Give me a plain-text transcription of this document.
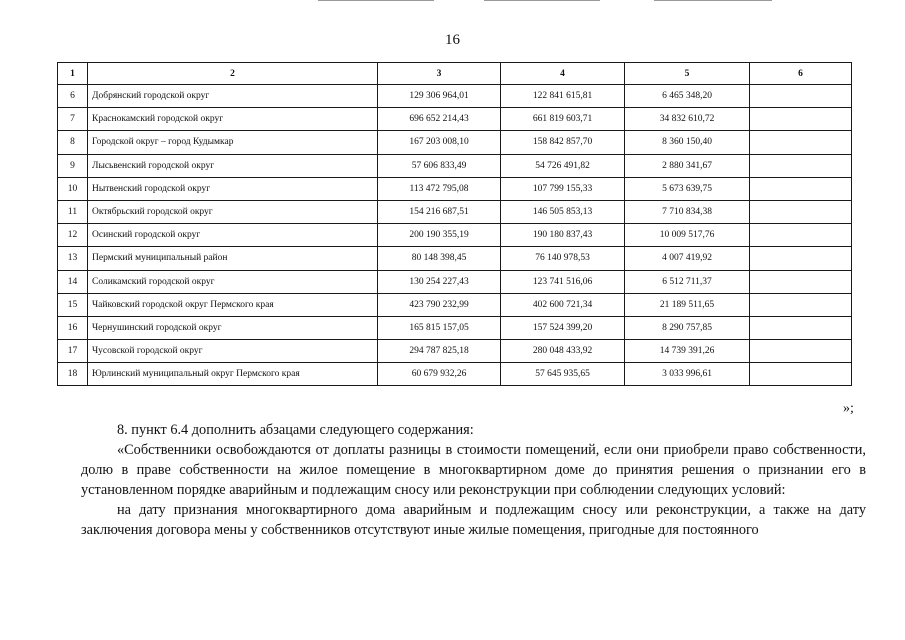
16
1	2	3	4	5	6
6	Добрянский городской округ	129 306 964,01	122 841 615,81	6 465 348,20	
7	Краснокамский городской округ	696 652 214,43	661 819 603,71	34 832 610,72	
8	Городской округ – город Кудымкар	167 203 008,10	158 842 857,70	8 360 150,40	
9	Лысьвенский городской округ	57 606 833,49	54 726 491,82	2 880 341,67	
10	Нытвенский городской округ	113 472 795,08	107 799 155,33	5 673 639,75	
11	Октябрьский городской округ	154 216 687,51	146 505 853,13	7 710 834,38	
12	Осинский городской округ	200 190 355,19	190 180 837,43	10 009 517,76	
13	Пермский муниципальный район	80 148 398,45	76 140 978,53	4 007 419,92	
14	Соликамский городской округ	130 254 227,43	123 741 516,06	6 512 711,37	
15	Чайковский городской округ Пермского края	423 790 232,99	402 600 721,34	21 189 511,65	
16	Чернушинский городской округ	165 815 157,05	157 524 399,20	8 290 757,85	
17	Чусовской городской округ	294 787 825,18	280 048 433,92	14 739 391,26	
18	Юрлинский муниципальный округ Пермского края	60 679 932,26	57 645 935,65	3 033 996,61	
»;

8. пункт 6.4 дополнить абзацами следующего содержания:

«Собственники освобождаются от доплаты разницы в стоимости помещений, если они приобрели право собственности, долю в праве собственности на жилое помещение в многоквартирном доме до принятия решения о признании его в установленном порядке аварийным и подлежащим сносу или реконструкции при соблюдении следующих условий:

на дату признания многоквартирного дома аварийным и подлежащим сносу или реконструкции, а также на дату заключения договора мены у собственников отсутствуют иные жилые помещения, пригодные для постоянного
